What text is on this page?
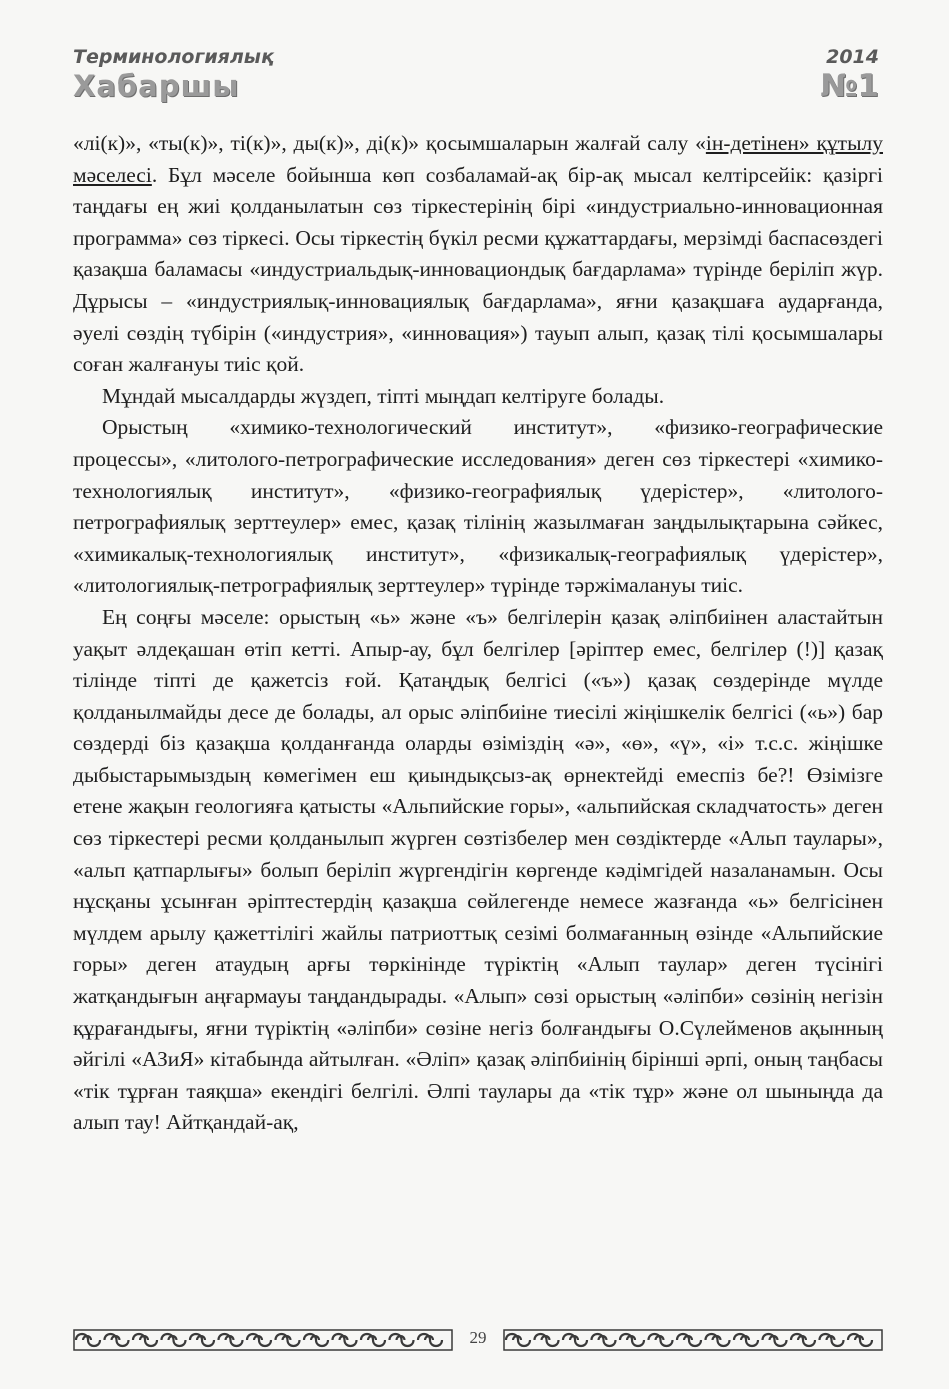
Терминологиялық	2014
Хабаршы	№1

«лі(к)», «ты(к)», ті(к)», ды(к)», ді(к)» қосымшаларын жалғай салу «ін-детінен» құтылу мәселесі. Бұл мәселе бойынша көп созбаламай-ақ бір-ақ мысал келтірсейік: қазіргі таңдағы ең жиі қолданылатын сөз тіркестерінің бірі «индустриально-инновационная программа» сөз тіркесі. Осы тіркестің бүкіл ресми құжаттардағы, мерзімді баспасөздегі қазақша баламасы «индустриальдық-инновациондық бағдарлама» түрінде беріліп жүр. Дұрысы – «индустриялық-инновациялық бағдарлама», яғни қазақшаға аударғанда, әуелі сөздің түбірін («индустрия», «инновация») тауып алып, қазақ тілі қосымшалары соған жалғануы тиіс қой.

Мұндай мысалдарды жүздеп, тіпті мыңдап келтіруге болады.

Орыстың «химико-технологический институт», «физико-географические процессы», «литолого-петрографические исследования» деген сөз тіркестері «химико-технологиялық институт», «физико-географиялық үдерістер», «литолого-петрографиялық зерттеулер» емес, қазақ тілінің жазылмаған заңдылықтарына сәйкес, «химикалық-технологиялық институт», «физикалық-географиялық үдерістер», «литологиялық-петрографиялық зерттеулер» түрінде тәржімалануы тиіс.

Ең соңғы мәселе: орыстың «ь» және «ъ» белгілерін қазақ әліпбиінен аластайтын уақыт әлдеқашан өтіп кетті. Апыр-ау, бұл белгілер [әріптер емес, белгілер (!)] қазақ тілінде тіпті де қажетсіз ғой. Қатаңдық белгісі («ъ») қазақ сөздерінде мүлде қолданылмайды десе де болады, ал орыс әліпбиіне тиесілі жіңішкелік белгісі («ь») бар сөздерді біз қазақша қолданғанда оларды өзіміздің «ә», «ө», «ү», «і» т.с.с. жіңішке дыбыстарымыздың көмегімен еш қиындықсыз-ақ өрнектейді емеспіз бе?! Өзімізге етене жақын геологияға қатысты «Альпийские горы», «альпийская складчатость» деген сөз тіркестері ресми қолданылып жүрген сөзтізбелер мен сөздіктерде «Альп таулары», «альп қатпарлығы» болып беріліп жүргендігін көргенде кәдімгідей назаланамын. Осы нұсқаны ұсынған әріптестердің қазақша сөйлегенде немесе жазғанда «ь» белгісінен мүлдем арылу қажеттілігі жайлы патриоттық сезімі болмағанның өзінде «Альпийские горы» деген атаудың арғы төркінінде түріктің «Алып таулар» деген түсінігі жатқандығын аңғармауы таңдандырады. «Алып» сөзі орыстың «әліпби» сөзінің негізін құрағандығы, яғни түріктің «әліпби» сөзіне негіз болғандығы О.Сүлейменов ақынның әйгілі «АЗиЯ» кітабында айтылған. «Әліп» қазақ әліпбиінің бірінші әрпі, оның таңбасы «тік тұрған таяқша» екендігі белгілі. Әлпі таулары да «тік тұр» және ол шыныңда да алып тау! Айтқандай-ақ,

29
